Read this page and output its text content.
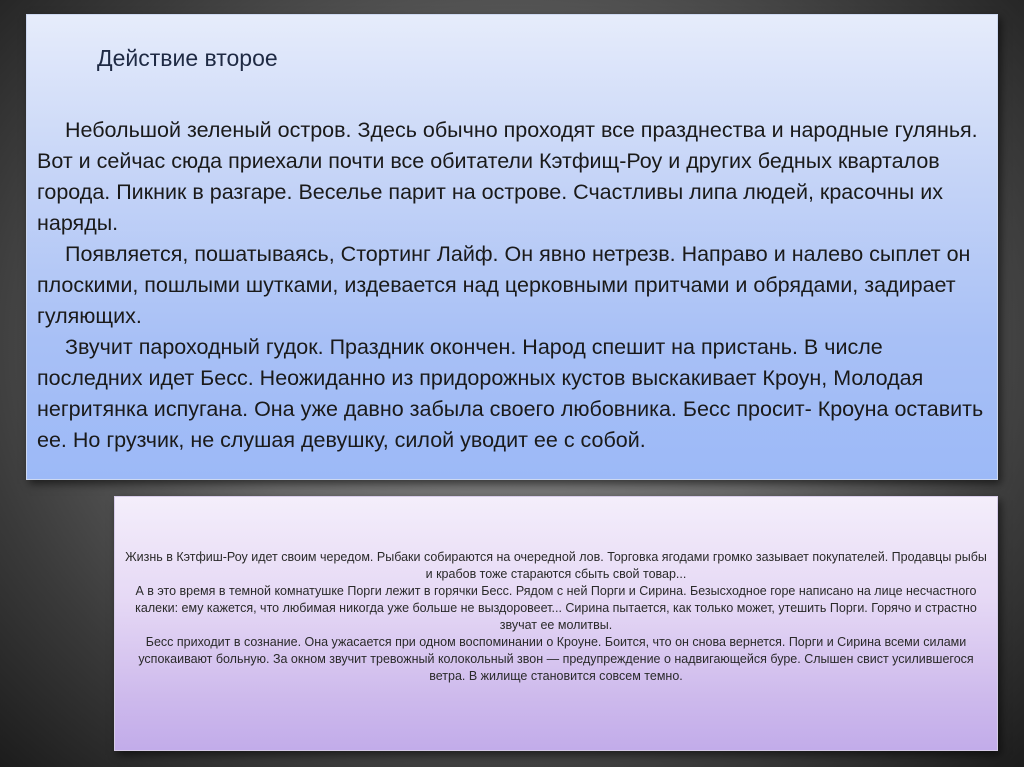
Действие второе

Небольшой зеленый остров. Здесь обычно проходят все празднества и народные гулянья. Вот и сейчас сюда приехали почти все обитатели Кэтфищ-Роу и других бедных кварталов города. Пикник в разгаре. Веселье парит на острове. Счастливы липа людей, красочны их наряды.

Появляется, пошатываясь, Стортинг Лайф. Он явно нетрезв. Направо и налево сыплет он плоскими, пошлыми шутками, издевается над церковными притчами и обрядами, задирает гуляющих.

Звучит пароходный гудок. Праздник окончен. Народ спешит на пристань. В числе последних идет Бесс. Неожиданно из придорожных кустов выскакивает Кроун, Молодая негритянка испугана. Она уже давно забыла своего любовника. Бесс просит- Кроуна оставить ее. Но грузчик, не слушая девушку, силой уводит ее с собой.

Жизнь в Кэтфиш-Роу идет своим чередом. Рыбаки собираются на очередной лов. Торговка ягодами громко зазывает покупателей. Продавцы рыбы и крабов тоже стараются сбыть свой товар...

А в это время в темной комнатушке Порги лежит в горячки Бесс. Рядом с ней Порги и Сирина. Безысходное горе написано на лице несчастного калеки: ему кажется, что любимая никогда уже больше не выздоровеет... Сирина пытается, как только может, утешить Порги. Горячо и страстно звучат ее молитвы.

Бесс приходит в сознание. Она ужасается при одном воспоминании о Кроуне. Боится, что он снова вернется. Порги и Сирина всеми силами успокаивают больную. За окном звучит тревожный колокольный звон — предупреждение о надвигающейся буре. Слышен свист усилившегося ветра. В жилище становится совсем темно.
